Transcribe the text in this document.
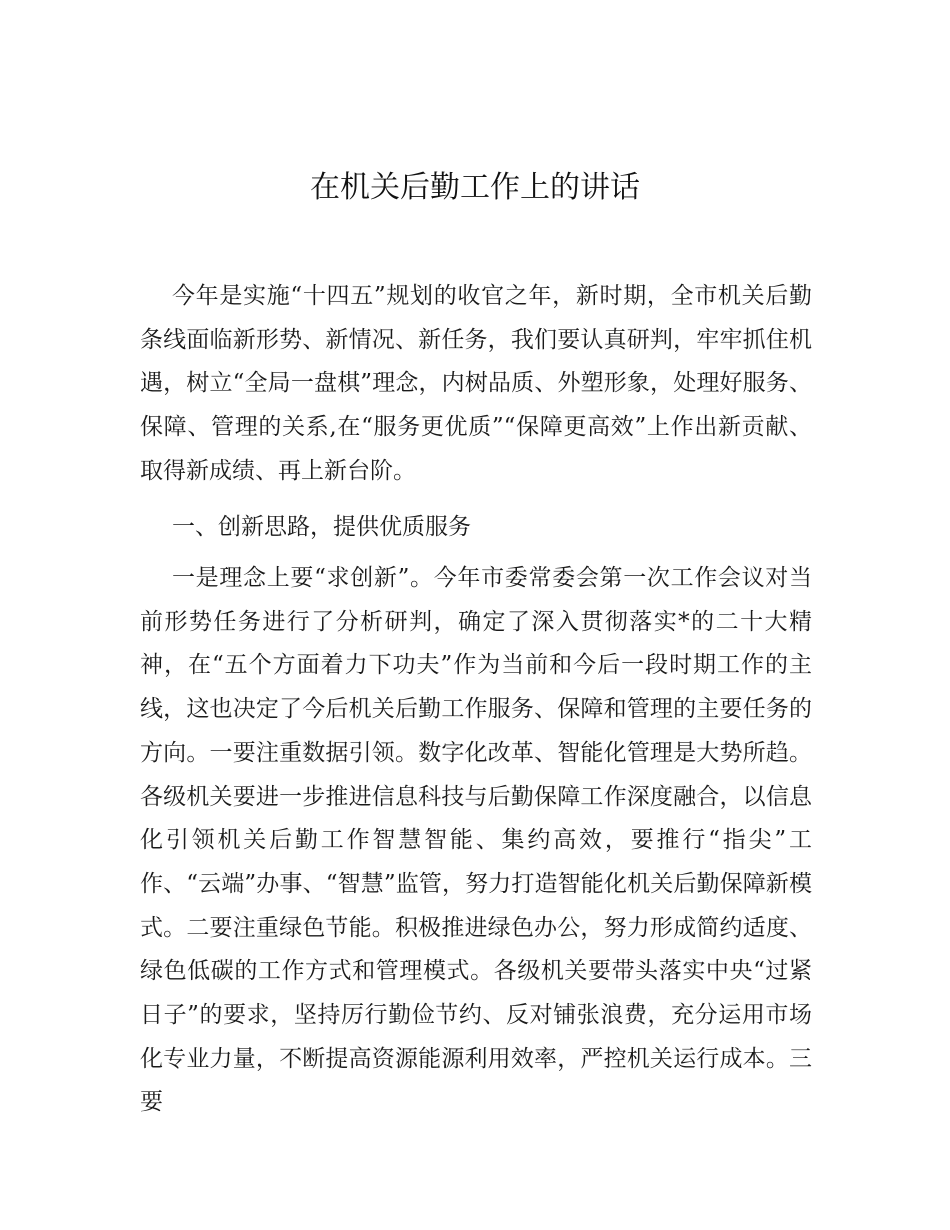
在机关后勤工作上的讲话

今年是实施“十四五”规划的收官之年，新时期，全市机关后勤条线面临新形势、新情况、新任务，我们要认真研判，牢牢抓住机遇，树立“全局一盘棋”理念，内树品质、外塑形象，处理好服务、保障、管理的关系,在“服务更优质”“保障更高效”上作出新贡献、取得新成绩、再上新台阶。

一、创新思路，提供优质服务

一是理念上要“求创新”。今年市委常委会第一次工作会议对当前形势任务进行了分析研判，确定了深入贯彻落实*的二十大精神，在“五个方面着力下功夫”作为当前和今后一段时期工作的主线，这也决定了今后机关后勤工作服务、保障和管理的主要任务的方向。一要注重数据引领。数字化改革、智能化管理是大势所趋。各级机关要进一步推进信息科技与后勤保障工作深度融合，以信息化引领机关后勤工作智慧智能、集约高效，要推行“指尖”工作、“云端”办事、“智慧”监管，努力打造智能化机关后勤保障新模式。二要注重绿色节能。积极推进绿色办公，努力形成简约适度、绿色低碳的工作方式和管理模式。各级机关要带头落实中央“过紧日子”的要求，坚持厉行勤俭节约、反对铺张浪费，充分运用市场化专业力量，不断提高资源能源利用效率，严控机关运行成本。三要
